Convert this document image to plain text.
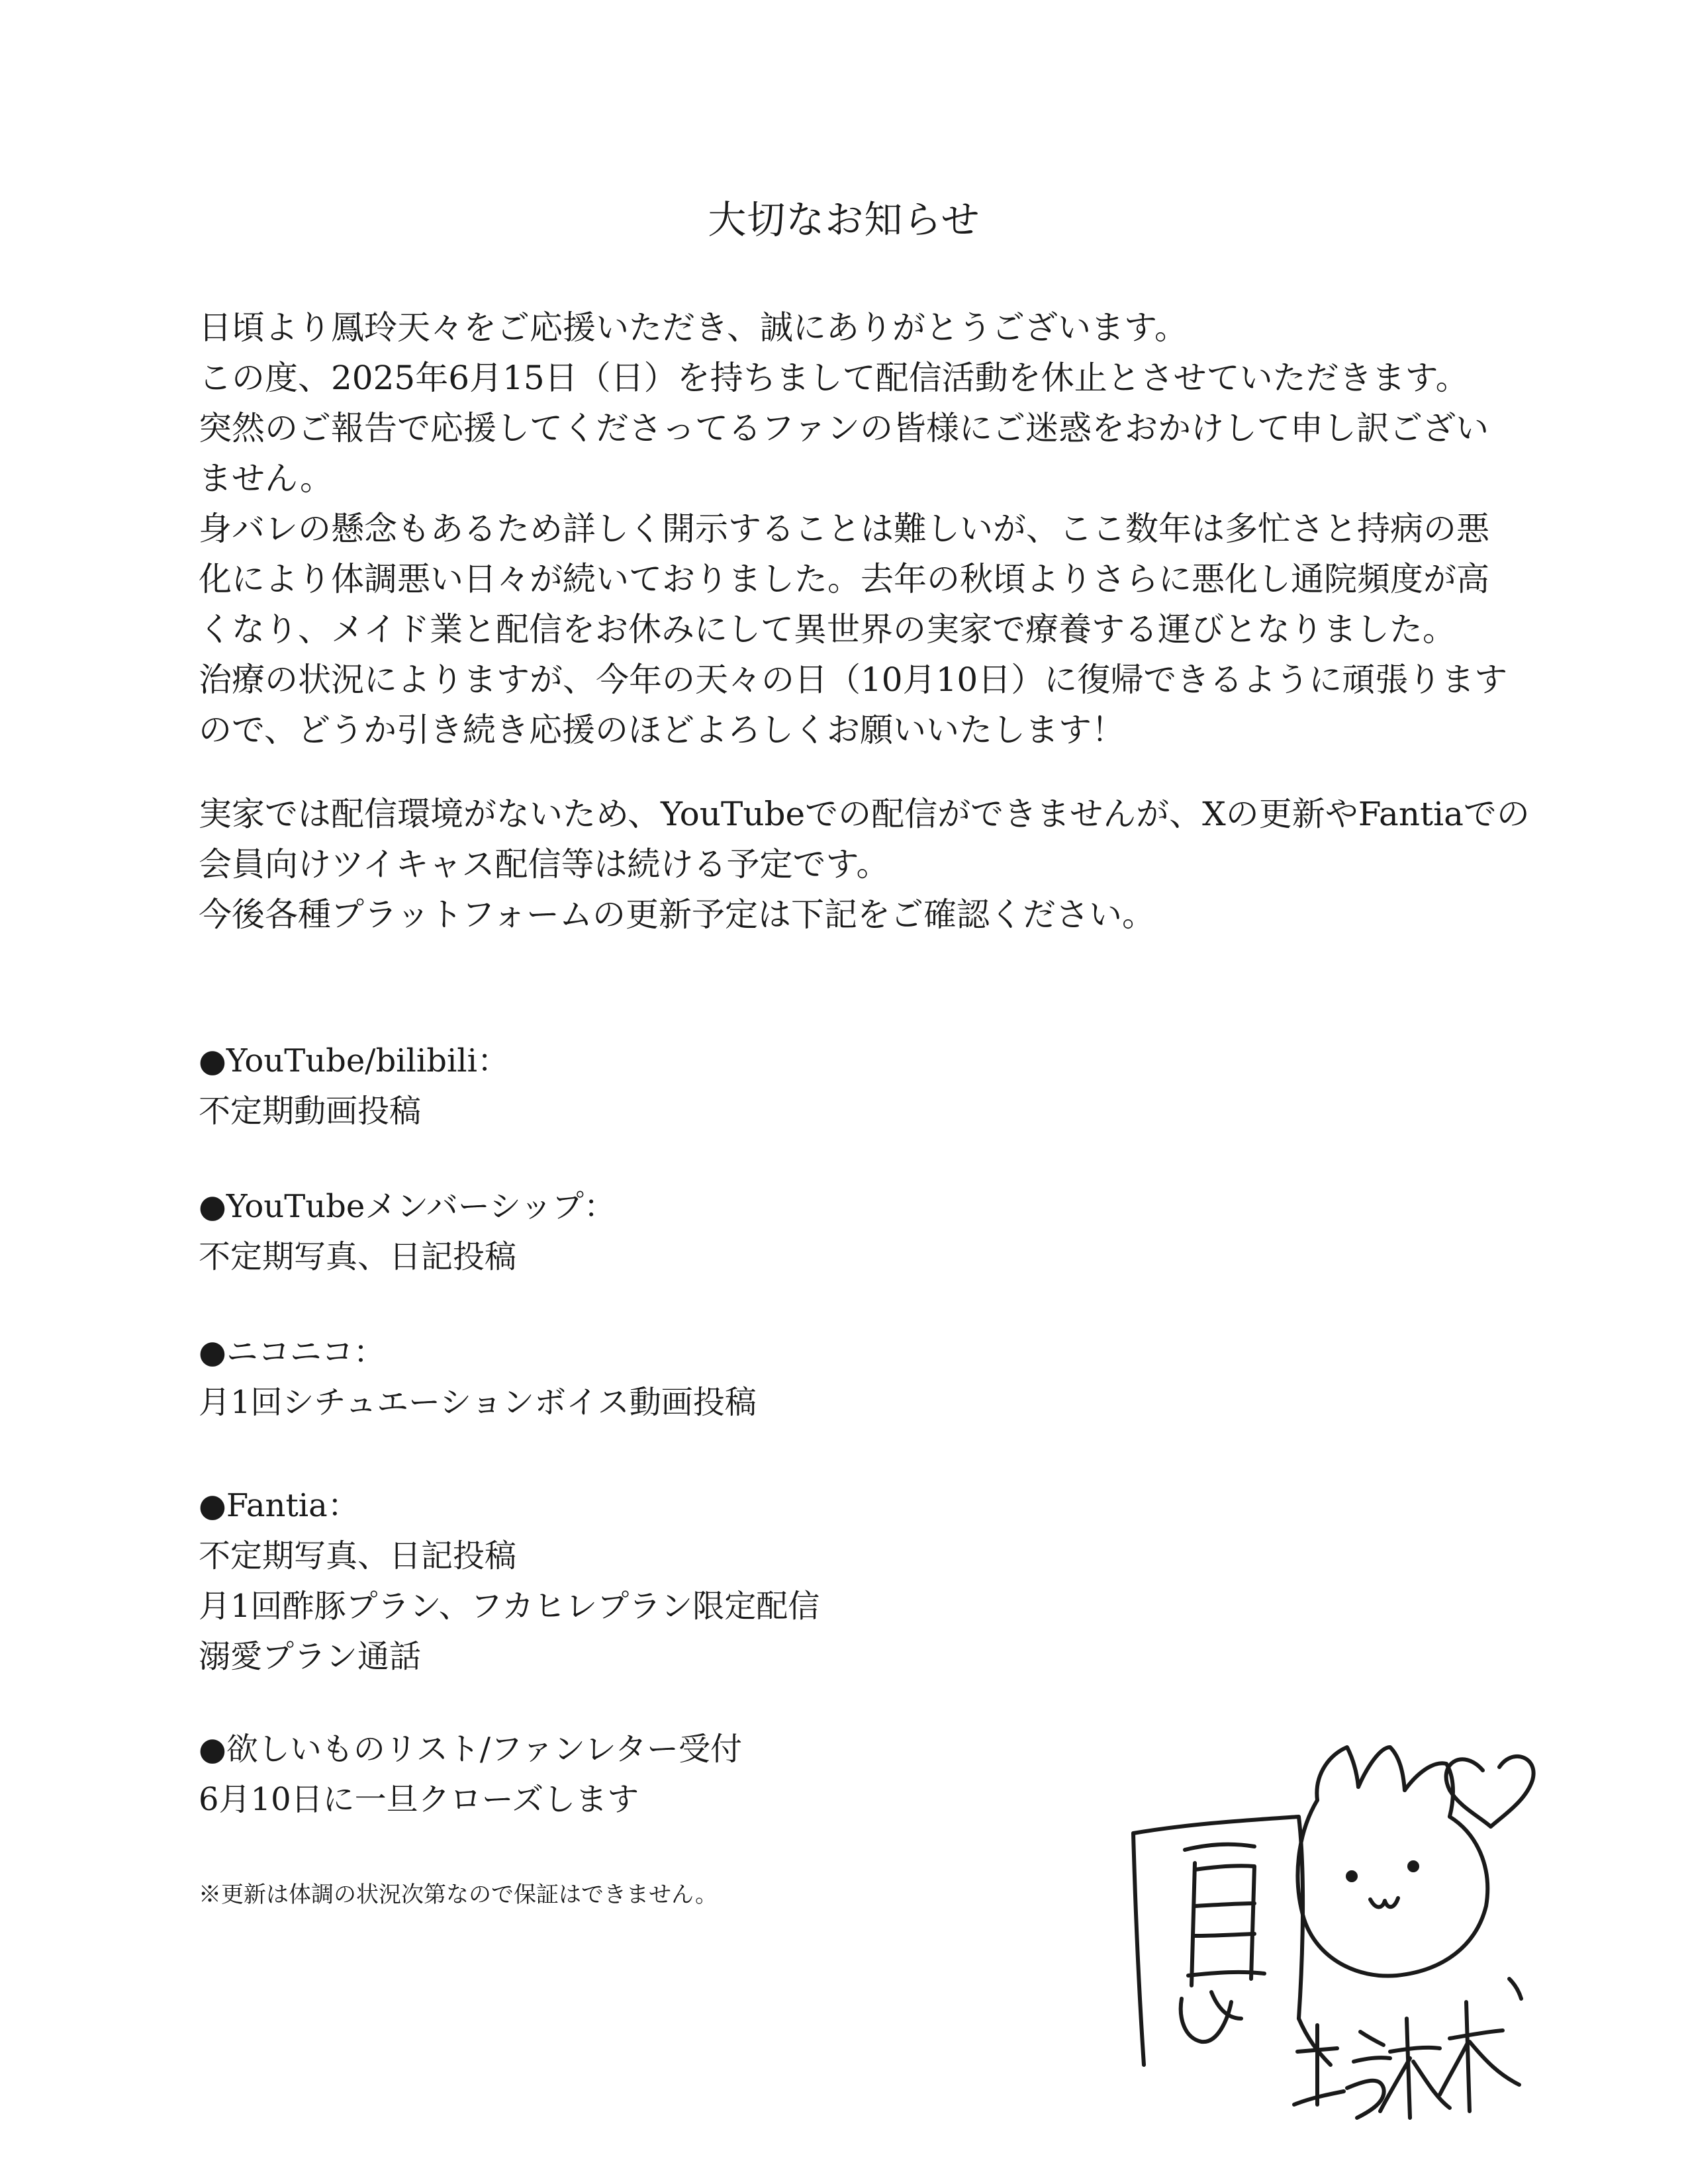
大切なお知らせ

日頃より鳳玲天々をご応援いただき、誠にありがとうございます。

この度、2025年6月15日（日）を持ちまして配信活動を休止とさせていただきます。

突然のご報告で応援してくださってるファンの皆様にご迷惑をおかけして申し訳ござい

ません。

身バレの懸念もあるため詳しく開示することは難しいが、ここ数年は多忙さと持病の悪

化により体調悪い日々が続いておりました。去年の秋頃よりさらに悪化し通院頻度が高

くなり、メイド業と配信をお休みにして異世界の実家で療養する運びとなりました。

治療の状況によりますが、今年の天々の日（10月10日）に復帰できるように頑張ります

ので、どうか引き続き応援のほどよろしくお願いいたします！

実家では配信環境がないため、YouTubeでの配信ができませんが、Xの更新やFantiaでの

会員向けツイキャス配信等は続ける予定です。

今後各種プラットフォームの更新予定は下記をご確認ください。

●YouTube/bilibili：

不定期動画投稿

●YouTubeメンバーシップ：

不定期写真、日記投稿

●ニコニコ：

月1回シチュエーションボイス動画投稿

●Fantia：

不定期写真、日記投稿

月1回酢豚プラン、フカヒレプラン限定配信

溺愛プラン通話

●欲しいものリスト/ファンレター受付

6月10日に一旦クローズします

※更新は体調の状況次第なので保証はできません。
